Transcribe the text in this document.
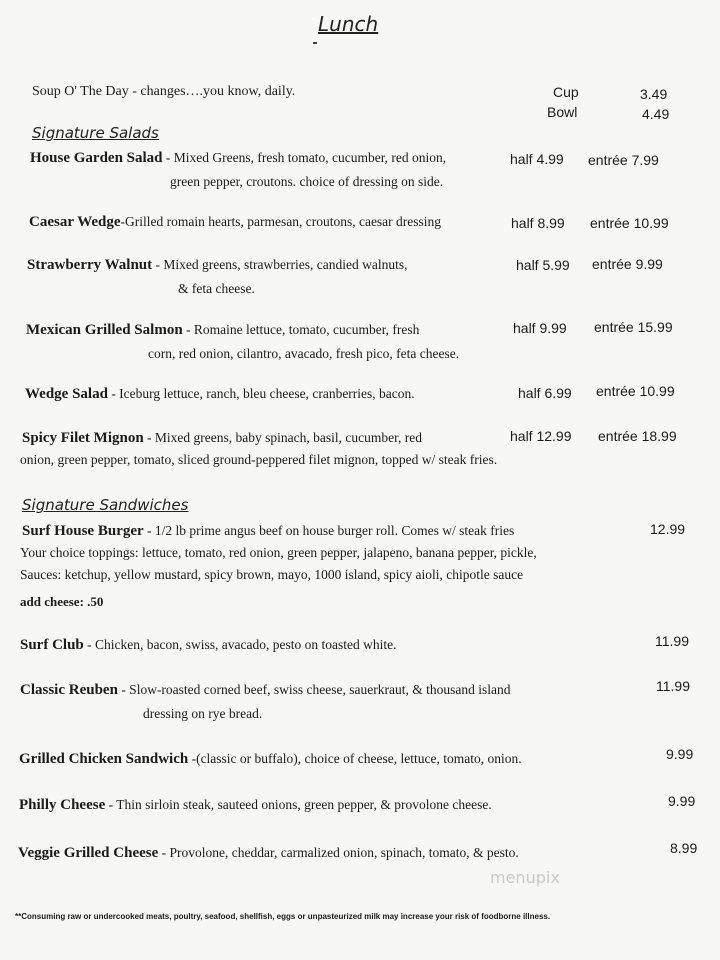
Lunch
Soup O' The Day - changes….you know, daily.	Cup	3.49
Bowl	4.49
Signature Salads
House Garden Salad - Mixed Greens, fresh tomato, cucumber, red onion,
green pepper, croutons. choice of dressing on side.
half 4.99 entrée 7.99
Caesar Wedge-Grilled romain hearts, parmesan, croutons, caesar dressing	half 8.99 entrée 10.99
Strawberry Walnut - Mixed greens, strawberries, candied walnuts,
& feta cheese.
half 5.99 entrée 9.99
Mexican Grilled Salmon - Romaine lettuce, tomato, cucumber, fresh
corn, red onion, cilantro, avacado, fresh pico, feta cheese.
half 9.99 entrée 15.99
Wedge Salad - Iceburg lettuce, ranch, bleu cheese, cranberries, bacon.	half 6.99 entrée 10.99
Spicy Filet Mignon - Mixed greens, baby spinach, basil, cucumber, red
onion, green pepper, tomato, sliced ground-peppered filet mignon, topped w/ steak fries.
half 12.99 entrée 18.99
Signature Sandwiches
Surf House Burger - 1/2 lb prime angus beef on house burger roll. Comes w/ steak fries
Your choice toppings: lettuce, tomato, red onion, green pepper, jalapeno, banana pepper, pickle,
Sauces: ketchup, yellow mustard, spicy brown, mayo, 1000 island, spicy aioli, chipotle sauce
add cheese: .50
12.99
Surf Club - Chicken, bacon, swiss, avacado, pesto on toasted white.	11.99
Classic Reuben - Slow-roasted corned beef, swiss cheese, sauerkraut, & thousand island
dressing on rye bread.
11.99
Grilled Chicken Sandwich -(classic or buffalo), choice of cheese, lettuce, tomato, onion.	9.99
Philly Cheese - Thin sirloin steak, sauteed onions, green pepper, & provolone cheese.	9.99
Veggie Grilled Cheese - Provolone, cheddar, carmalized onion, spinach, tomato, & pesto.	8.99
menupix
**Consuming raw or undercooked meats, poultry, seafood, shellfish, eggs or unpasteurized milk may increase your risk of foodborne illness.
